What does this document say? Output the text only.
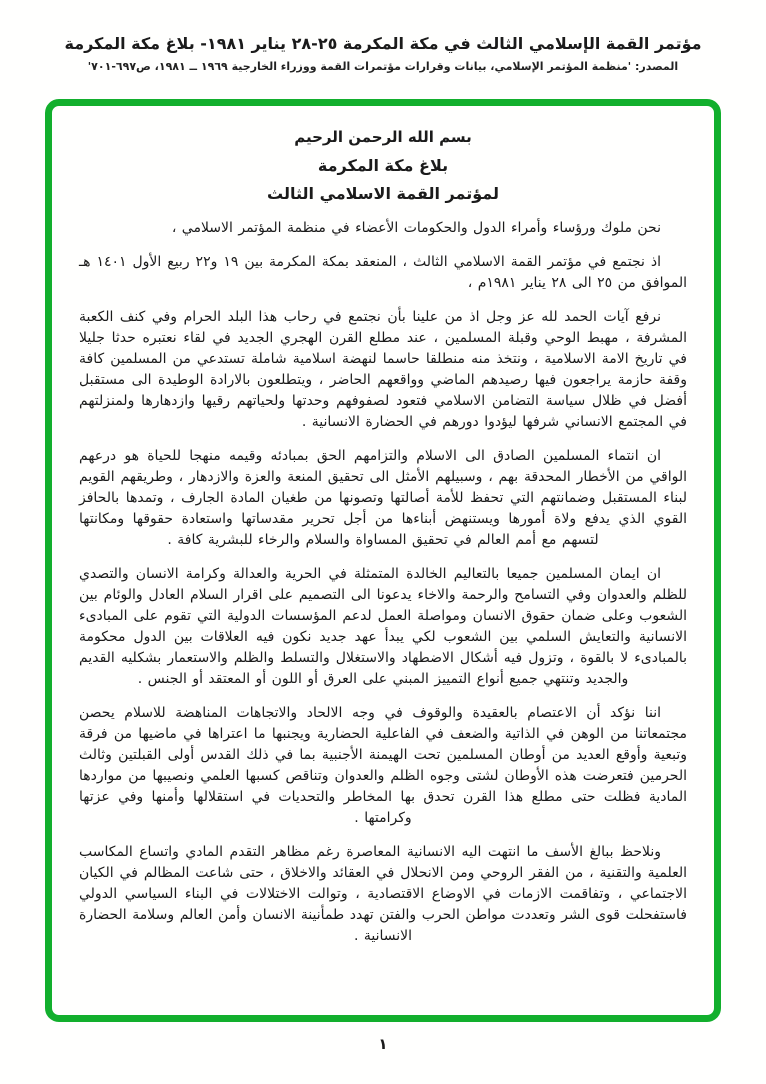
مؤتمر القمة الإسلامي الثالث في مكة المكرمة ٢٥-٢٨ يناير ١٩٨١- بلاغ مكة المكرمة
المصدر: 'منظمة المؤتمر الإسلامي، بيانات وقرارات مؤتمرات القمة ووزراء الخارجية ١٩٦٩ ــ ١٩٨١، ص٦٩٧-٧٠١'
بسم الله الرحمن الرحيم
بلاغ مكة المكرمة
لمؤتمر القمة الاسلامي الثالث

نحن ملوك ورؤساء وأمراء الدول والحكومات الأعضاء في منظمة المؤتمر الاسلامي ،

اذ نجتمع في مؤتمر القمة الاسلامي الثالث ، المنعقد بمكة المكرمة بين ١٩ و٢٢ ربيع الأول ١٤٠١ هـ الموافق من ٢٥ الى ٢٨ يناير ١٩٨١م ،

نرفع آيات الحمد لله عز وجل اذ من علينا بأن نجتمع في رحاب هذا البلد الحرام وفي كنف الكعبة المشرفة ، مهبط الوحي وقبلة المسلمين ، عند مطلع القرن الهجري الجديد في لقاء نعتبره حدثا جليلا في تاريخ الامة الاسلامية ، ونتخذ منه منطلقا حاسما لنهضة اسلامية شاملة تستدعي من المسلمين كافة وقفة حازمة يراجعون فيها رصيدهم الماضي وواقعهم الحاضر ، ويتطلعون بالارادة الوطيدة الى مستقبل أفضل في ظلال سياسة التضامن الاسلامي فتعود لصفوفهم وحدتها ولحياتهم رقيها وازدهارها ولمنزلتهم في المجتمع الانساني شرفها ليؤدوا دورهم في الحضارة الانسانية .

ان انتماء المسلمين الصادق الى الاسلام والتزامهم الحق بمبادئه وقيمه منهجا للحياة هو درعهم الواقي من الأخطار المحدقة بهم ، وسبيلهم الأمثل الى تحقيق المنعة والعزة والازدهار ، وطريقهم القويم لبناء المستقبل وضمانتهم التي تحفظ للأمة أصالتها وتصونها من طغيان المادة الجارف ، وتمدها بالحافز القوي الذي يدفع ولاة أمورها ويستنهض أبناءها من أجل تحرير مقدساتها واستعادة حقوقها ومكانتها لتسهم مع أمم العالم في تحقيق المساواة والسلام والرخاء للبشرية كافة .

ان ايمان المسلمين جميعا بالتعاليم الخالدة المتمثلة في الحرية والعدالة وكرامة الانسان والتصدي للظلم والعدوان وفي التسامح والرحمة والاخاء يدعونا الى التصميم على اقرار السلام العادل والوئام بين الشعوب وعلى ضمان حقوق الانسان ومواصلة العمل لدعم المؤسسات الدولية التي تقوم على المبادىء الانسانية والتعايش السلمي بين الشعوب لكي يبدأ عهد جديد نكون فيه العلاقات بين الدول محكومة بالمبادىء لا بالقوة ، وتزول فيه أشكال الاضطهاد والاستغلال والتسلط والظلم والاستعمار بشكليه القديم والجديد وتنتهي جميع أنواع التمييز المبني على العرق أو اللون أو المعتقد أو الجنس .

اننا نؤكد أن الاعتصام بالعقيدة والوقوف في وجه الالحاد والاتجاهات المناهضة للاسلام يحصن مجتمعاتنا من الوهن في الذاتية والضعف في الفاعلية الحضارية ويجنبها ما اعتراها في ماضيها من فرقة وتبعية وأوقع العديد من أوطان المسلمين تحت الهيمنة الأجنبية بما في ذلك القدس أولى القبلتين وثالث الحرمين فتعرضت هذه الأوطان لشتى وجوه الظلم والعدوان وتناقص كسبها العلمي ونصيبها من مواردها المادية فظلت حتى مطلع هذا القرن تحدق بها المخاطر والتحديات في استقلالها وأمنها وفي عزتها وكرامتها .

ونلاحظ ببالغ الأسف ما انتهت اليه الانسانية المعاصرة رغم مظاهر التقدم المادي واتساع المكاسب العلمية والتقنية ، من الفقر الروحي ومن الانحلال في العقائد والاخلاق ، حتى شاعت المظالم في الكيان الاجتماعي ، وتفاقمت الازمات في الاوضاع الاقتصادية ، وتوالت الاختلالات في البناء السياسي الدولي فاستفحلت قوى الشر وتعددت مواطن الحرب والفتن تهدد طمأنينة الانسان وأمن العالم وسلامة الحضارة الانسانية .

١
